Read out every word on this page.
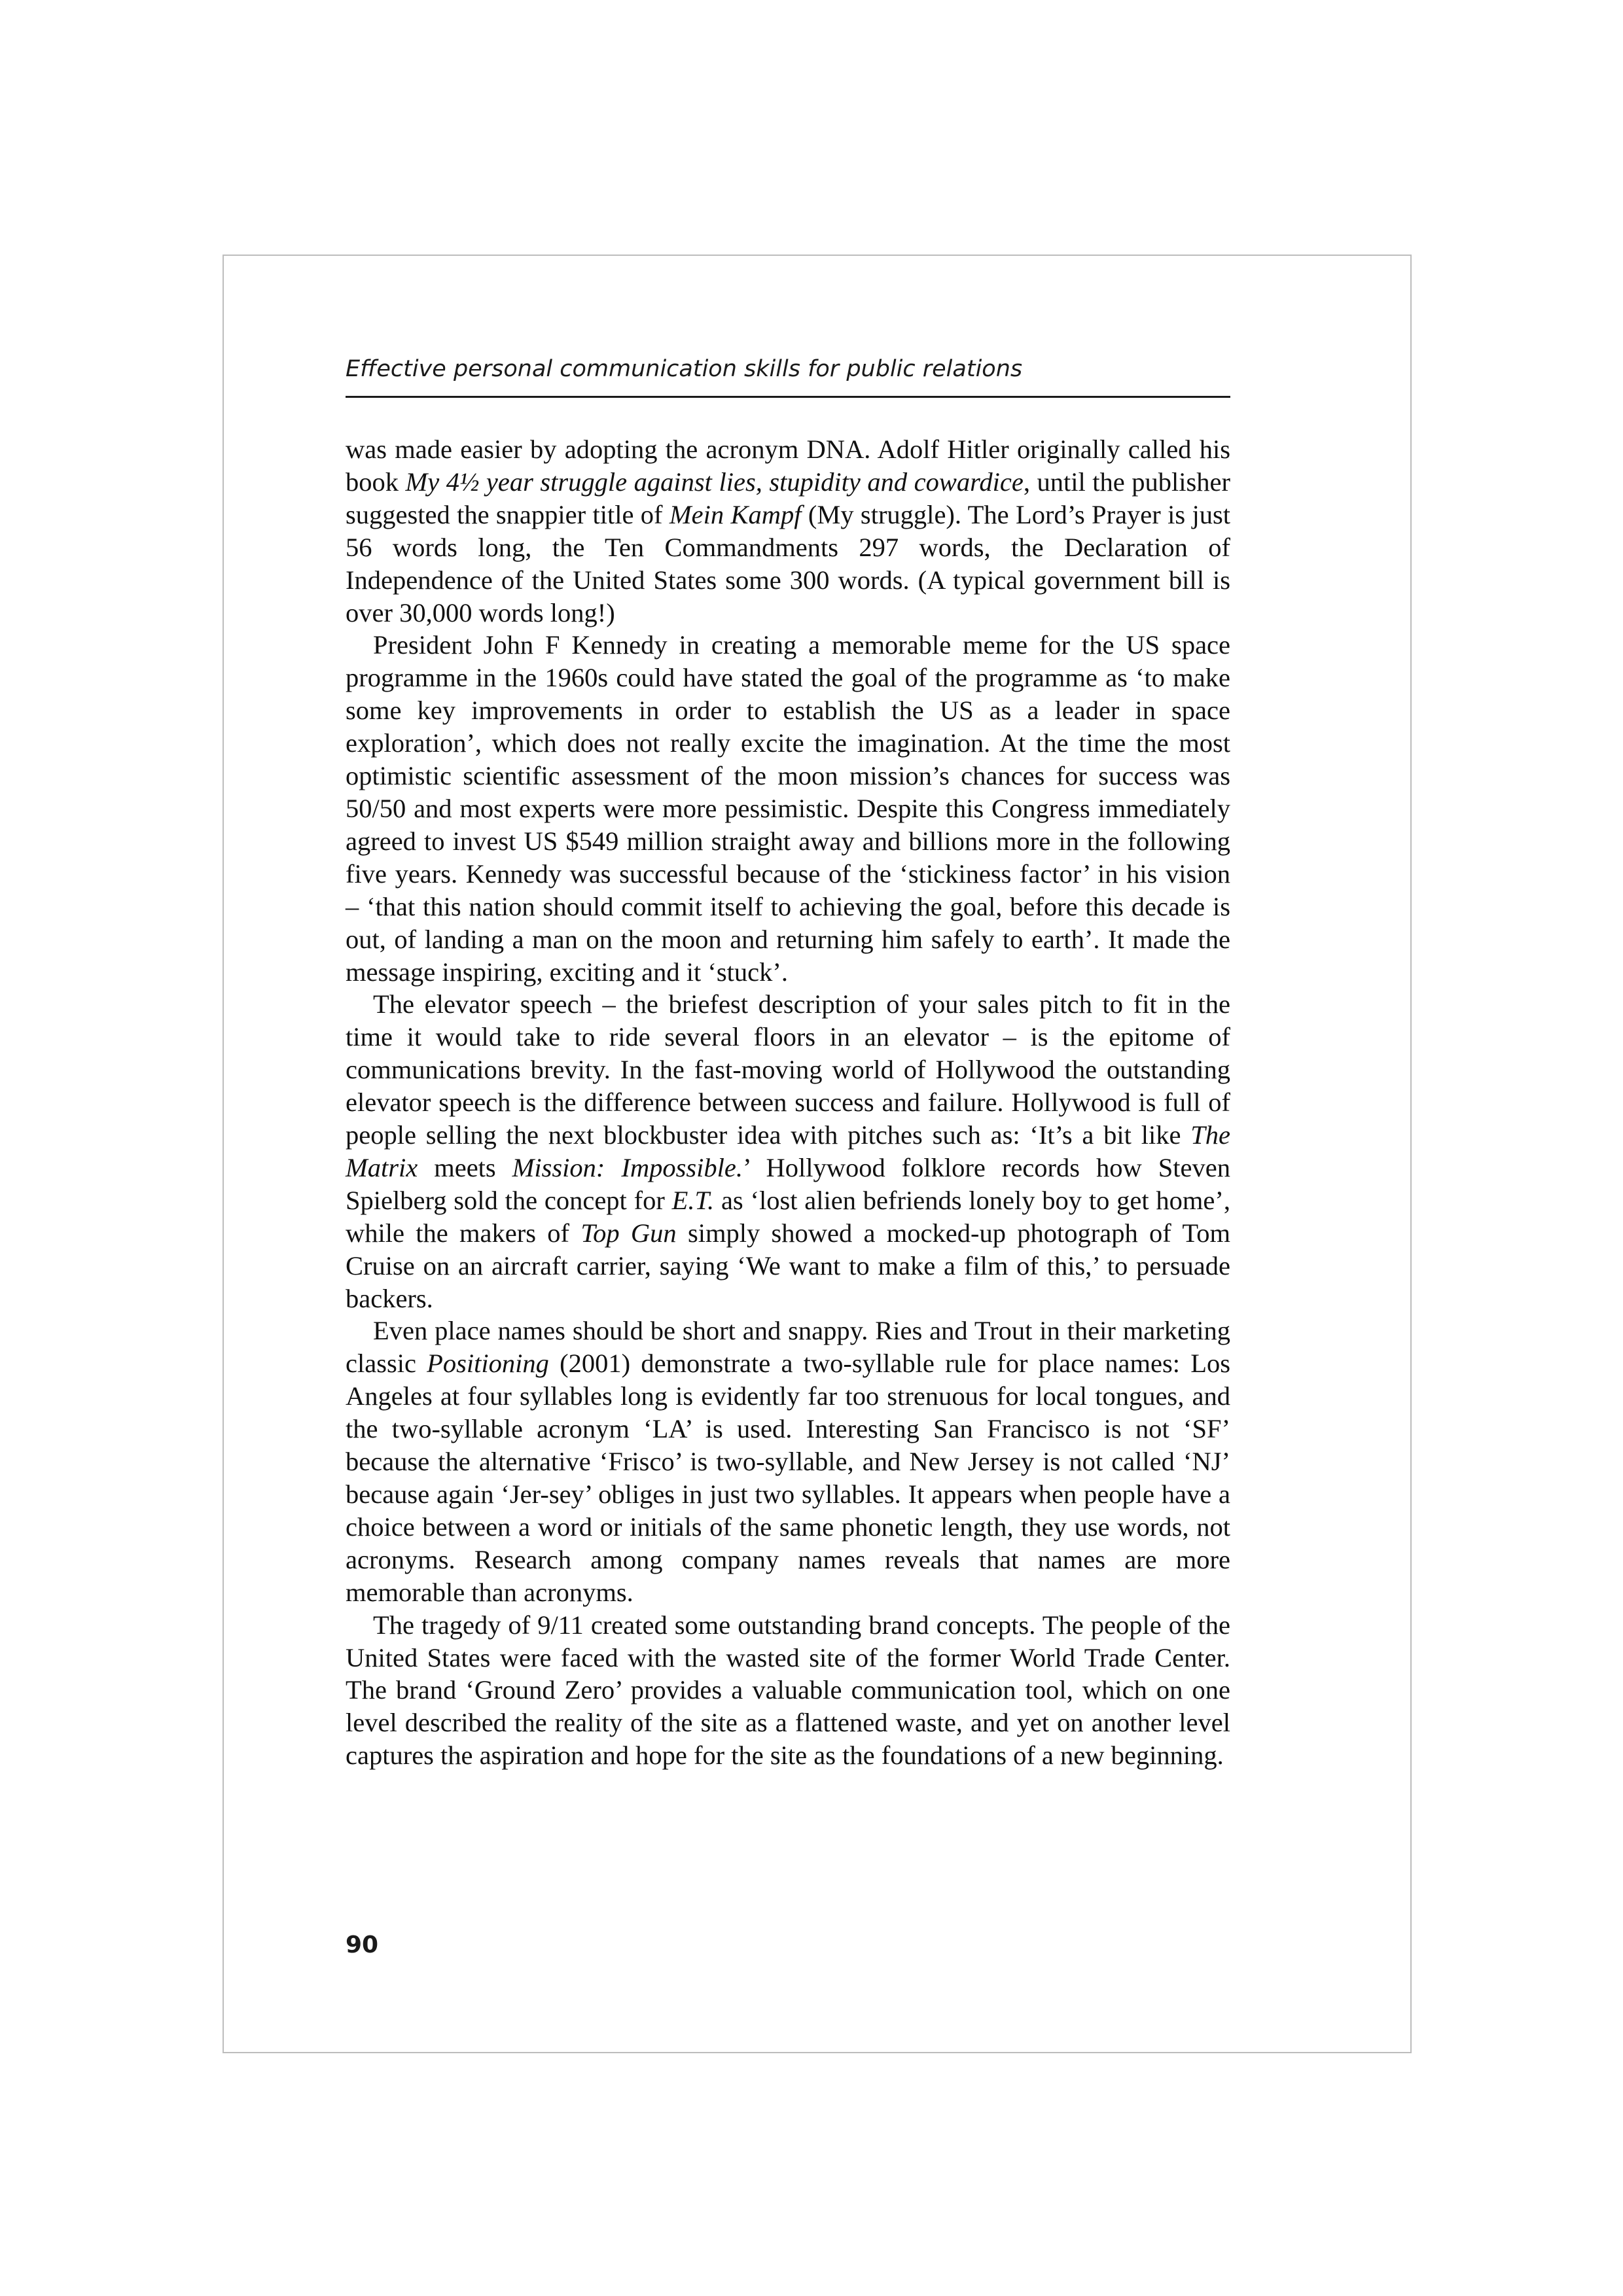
Effective personal communication skills for public relations

was made easier by adopting the acronym DNA. Adolf Hitler originally called his book My 4½ year struggle against lies, stupidity and cowardice, until the publisher suggested the snappier title of Mein Kampf (My struggle). The Lord’s Prayer is just 56 words long, the Ten Commandments 297 words, the Declaration of Independence of the United States some 300 words. (A typical government bill is over 30,000 words long!)

President John F Kennedy in creating a memorable meme for the US space programme in the 1960s could have stated the goal of the programme as ‘to make some key improvements in order to establish the US as a leader in space exploration’, which does not really excite the imagination. At the time the most optimistic scientific assessment of the moon mission’s chances for success was 50/50 and most experts were more pessimistic. Despite this Congress immediately agreed to invest US $549 million straight away and billions more in the following five years. Kennedy was successful because of the ‘stickiness factor’ in his vision – ‘that this nation should commit itself to achieving the goal, before this decade is out, of landing a man on the moon and returning him safely to earth’. It made the message inspiring, exciting and it ‘stuck’.

The elevator speech – the briefest description of your sales pitch to fit in the time it would take to ride several floors in an elevator – is the epitome of communications brevity. In the fast-moving world of Hollywood the outstanding elevator speech is the difference between success and failure. Hollywood is full of people selling the next blockbuster idea with pitches such as: ‘It’s a bit like The Matrix meets Mission: Impossible.’ Hollywood folklore records how Steven Spielberg sold the concept for E.T. as ‘lost alien befriends lonely boy to get home’, while the makers of Top Gun simply showed a mocked-up photograph of Tom Cruise on an aircraft carrier, saying ‘We want to make a film of this,’ to persuade backers.

Even place names should be short and snappy. Ries and Trout in their marketing classic Positioning (2001) demonstrate a two-syllable rule for place names: Los Angeles at four syllables long is evidently far too strenuous for local tongues, and the two-syllable acronym ‘LA’ is used. Interesting San Francisco is not ‘SF’ because the alternative ‘Frisco’ is two-syllable, and New Jersey is not called ‘NJ’ because again ‘Jer-sey’ obliges in just two syllables. It appears when people have a choice between a word or initials of the same phonetic length, they use words, not acronyms. Research among company names reveals that names are more memorable than acronyms.

The tragedy of 9/11 created some outstanding brand concepts. The people of the United States were faced with the wasted site of the former World Trade Center. The brand ‘Ground Zero’ provides a valuable communication tool, which on one level described the reality of the site as a flattened waste, and yet on another level captures the aspiration and hope for the site as the foundations of a new beginning.

90
